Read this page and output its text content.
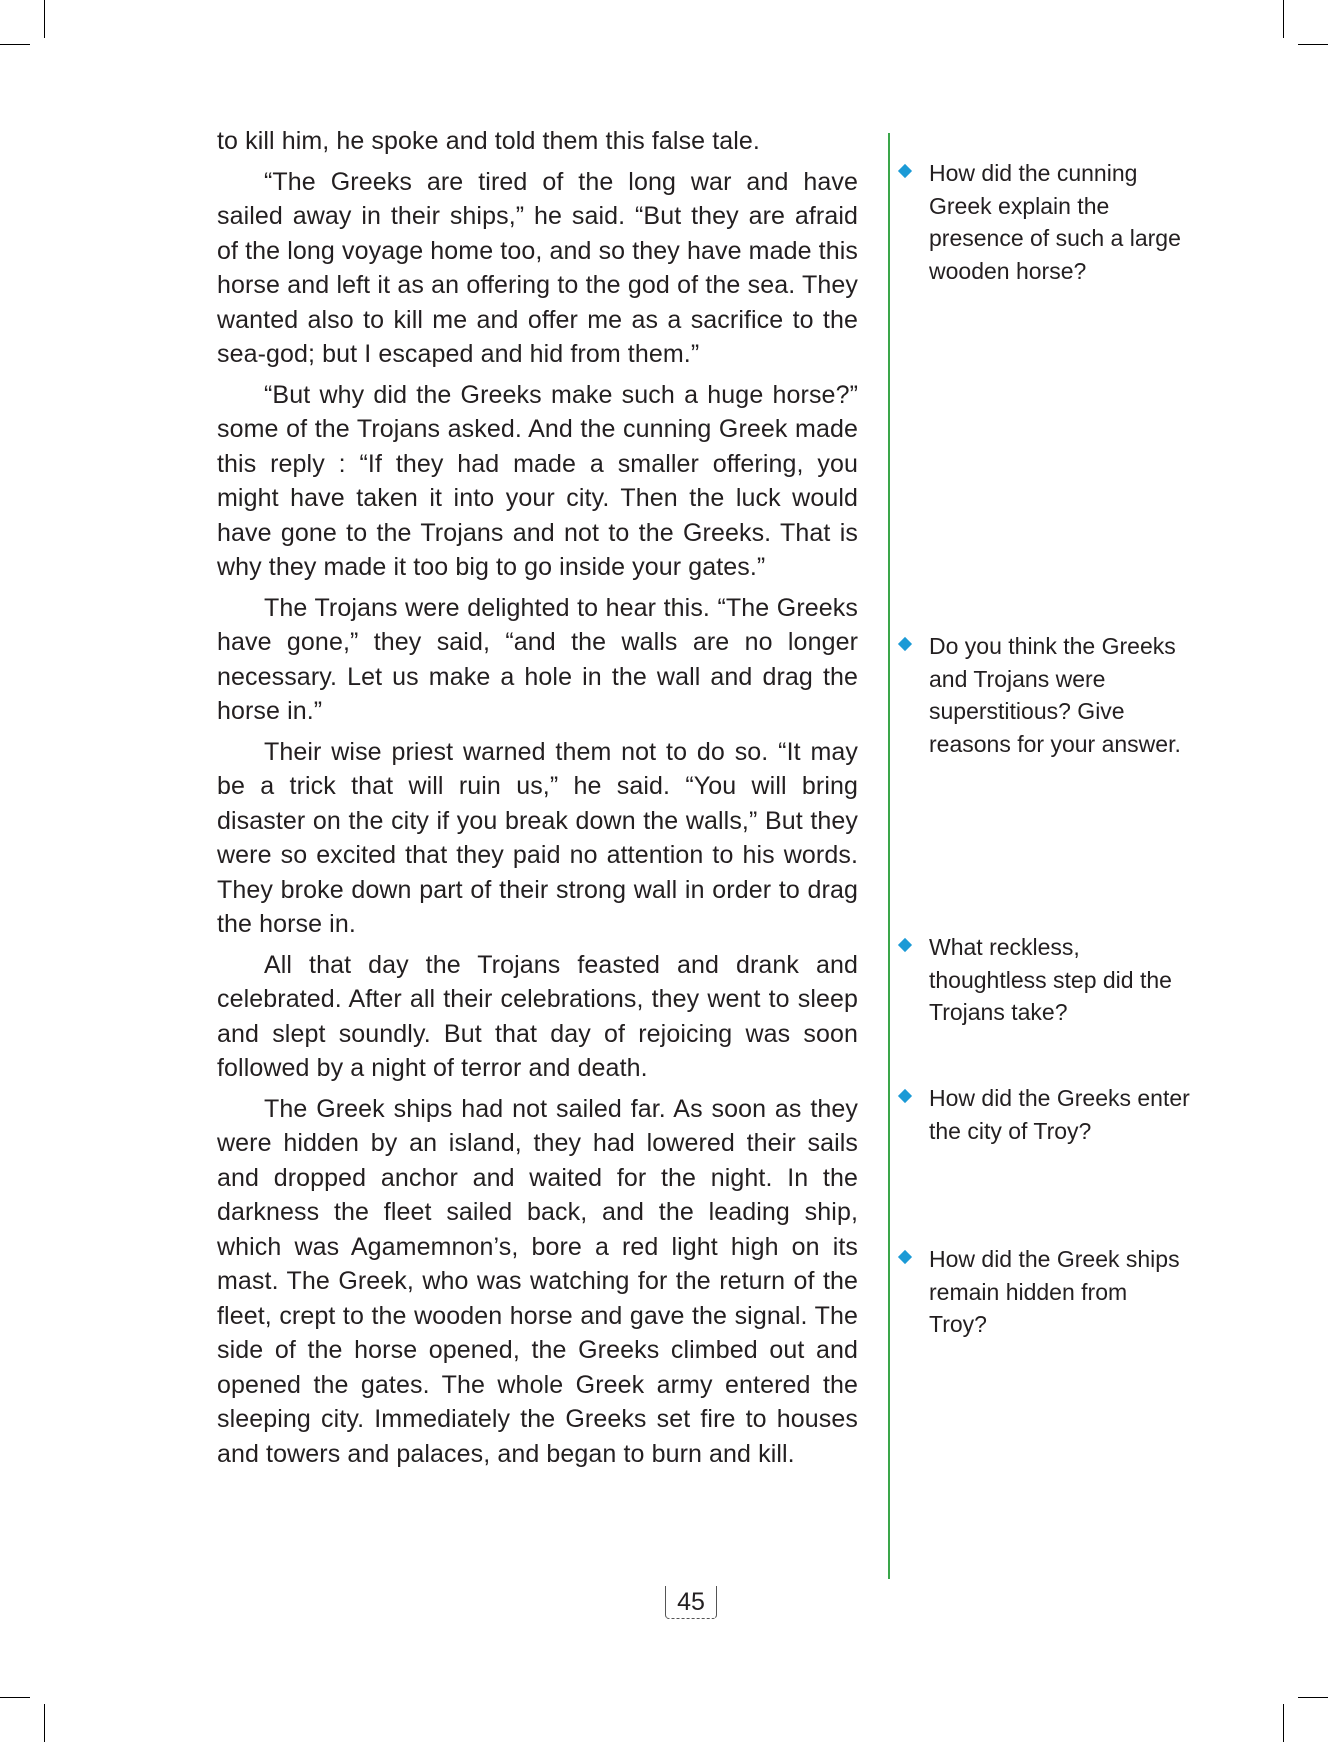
to kill him, he spoke and told them this false tale.

“The Greeks are tired of the long war and have sailed away in their ships,” he said. “But they are afraid of the long voyage home too, and so they have made this horse and left it as an offering to the god of the sea. They wanted also to kill me and offer me as a sacrifice to the sea-god; but I escaped and hid from them.”

“But why did the Greeks make such a huge horse?” some of the Trojans asked. And the cunning Greek made this reply : “If they had made a smaller offering, you might have taken it into your city. Then the luck would have gone to the Trojans and not to the Greeks. That is why they made it too big to go inside your gates.”

The Trojans were delighted to hear this. “The Greeks have gone,” they said, “and the walls are no longer necessary. Let us make a hole in the wall and drag the horse in.”

Their wise priest warned them not to do so. “It may be a trick that will ruin us,” he said. “You will bring disaster on the city if you break down the walls,” But they were so excited that they paid no attention to his words. They broke down part of their strong wall in order to drag the horse in.

All that day the Trojans feasted and drank and celebrated. After all their celebrations, they went to sleep and slept soundly. But that day of rejoicing was soon followed by a night of terror and death.

The Greek ships had not sailed far. As soon as they were hidden by an island, they had lowered their sails and dropped anchor and waited for the night. In the darkness the fleet sailed back, and the leading ship, which was Agamemnon’s, bore a red light high on its mast. The Greek, who was watching for the return of the fleet, crept to the wooden horse and gave the signal. The side of the horse opened, the Greeks climbed out and opened the gates. The whole Greek army entered the sleeping city. Immediately the Greeks set fire to houses and towers and palaces, and began to burn and kill.

How did the cunning Greek explain the presence of such a large wooden horse?
Do you think the Greeks and Trojans were superstitious? Give reasons for your answer.
What reckless, thoughtless step did the Trojans take?
How did the Greeks enter the city of Troy?
How did the Greek ships remain hidden from Troy?
45
